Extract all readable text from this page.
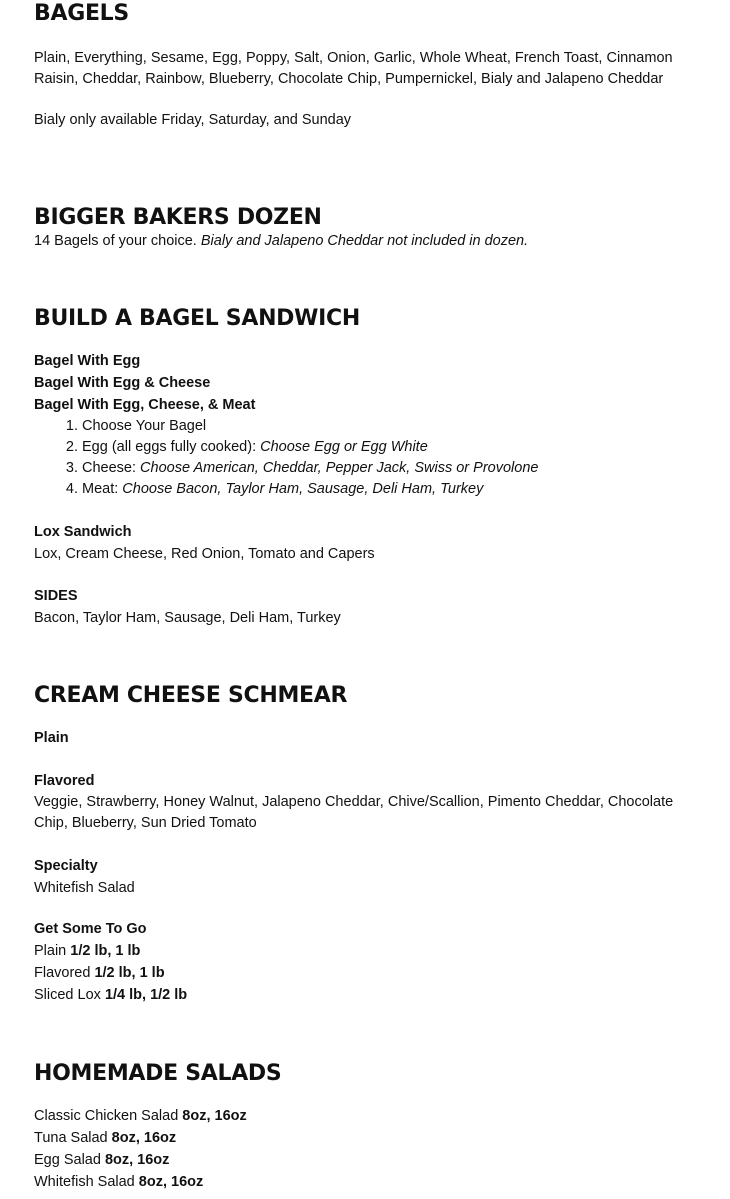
BAGELS

Plain, Everything, Sesame, Egg, Poppy, Salt, Onion, Garlic, Whole Wheat, French Toast, Cinnamon Raisin, Cheddar, Rainbow, Blueberry, Chocolate Chip, Pumpernickel, Bialy and Jalapeno Cheddar

Bialy only available Friday, Saturday, and Sunday

BIGGER BAKERS DOZEN

14 Bagels of your choice. Bialy and Jalapeno Cheddar not included in dozen.

BUILD A BAGEL SANDWICH

Bagel With Egg

Bagel With Egg & Cheese

Bagel With Egg, Cheese, & Meat

1. Choose Your Bagel
2. Egg (all eggs fully cooked): Choose Egg or Egg White
3. Cheese: Choose American, Cheddar, Pepper Jack, Swiss or Provolone
4. Meat: Choose Bacon, Taylor Ham, Sausage, Deli Ham, Turkey

Lox Sandwich

Lox, Cream Cheese, Red Onion, Tomato and Capers

SIDES

Bacon, Taylor Ham, Sausage, Deli Ham, Turkey

CREAM CHEESE SCHMEAR

Plain

Flavored

Veggie, Strawberry, Honey Walnut, Jalapeno Cheddar, Chive/Scallion, Pimento Cheddar, Chocolate Chip, Blueberry, Sun Dried Tomato

Specialty

Whitefish Salad

Get Some To Go

Plain 1/2 lb, 1 lb

Flavored 1/2 lb, 1 lb

Sliced Lox 1/4 lb, 1/2 lb

HOMEMADE SALADS

Classic Chicken Salad 8oz, 16oz

Tuna Salad 8oz, 16oz

Egg Salad 8oz, 16oz

Whitefish Salad 8oz, 16oz
